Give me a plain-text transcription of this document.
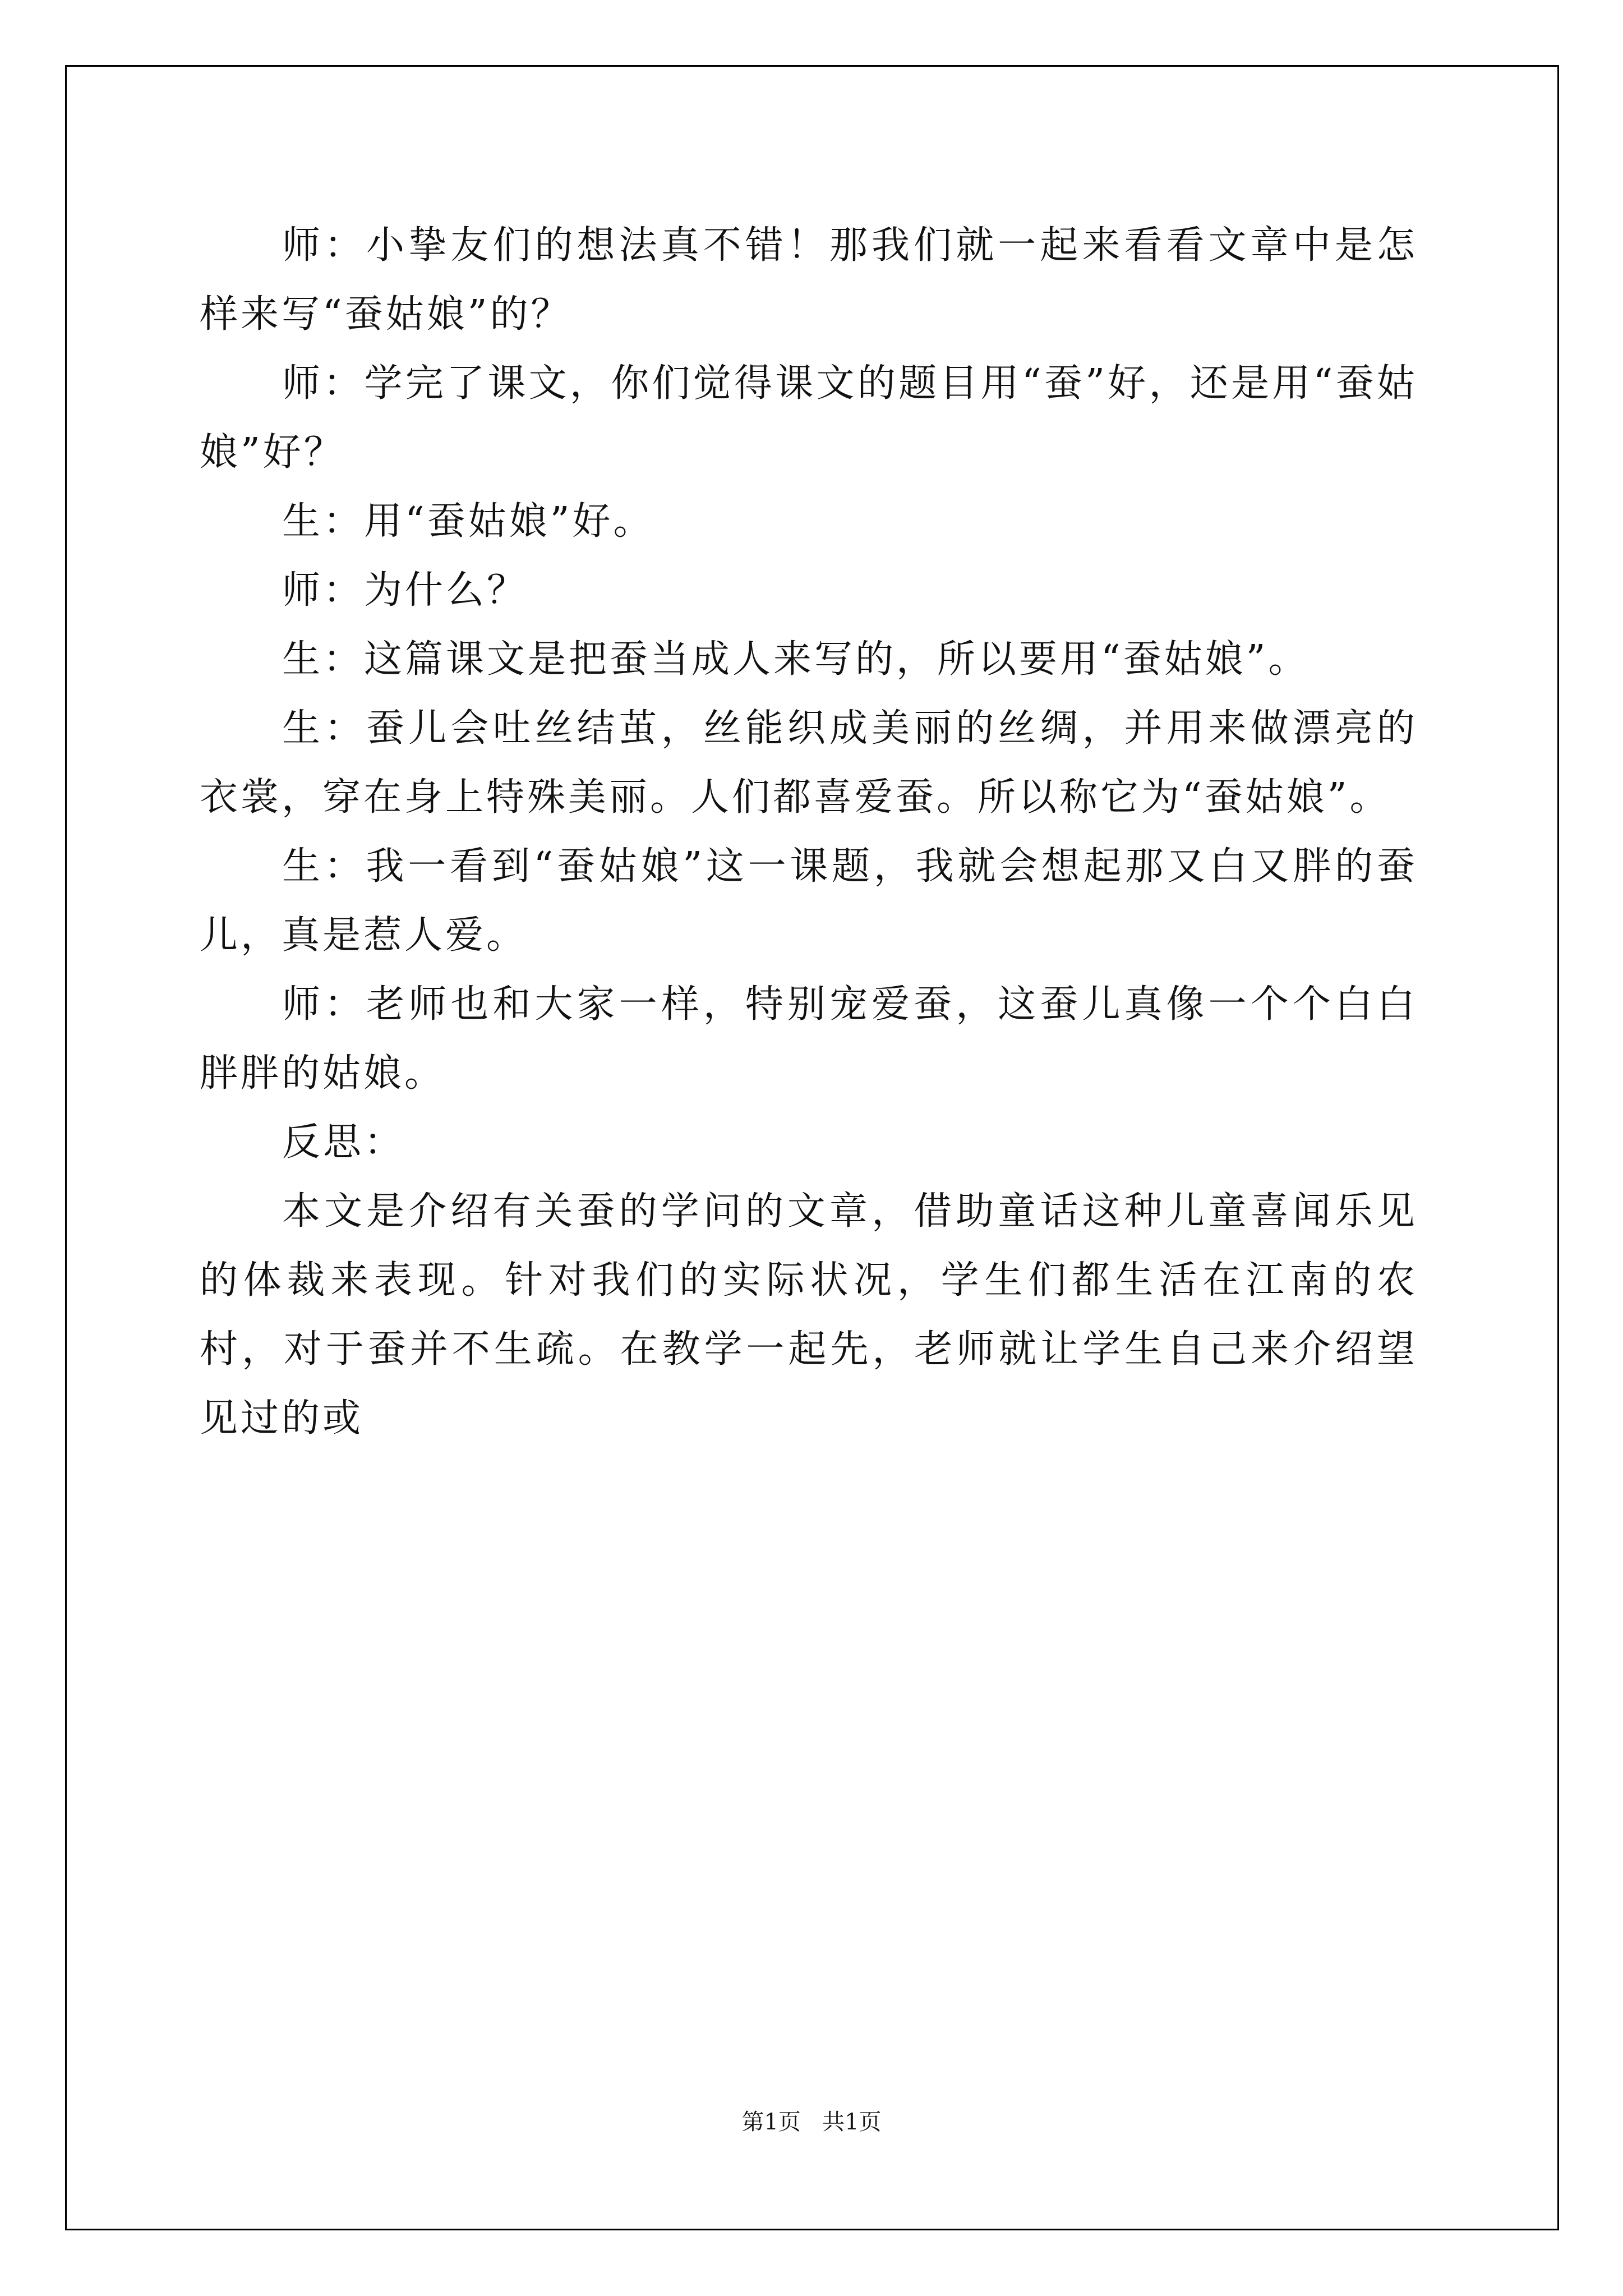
师：小挚友们的想法真不错！那我们就一起来看看文章中是怎样来写“蚕姑娘”的？

师：学完了课文，你们觉得课文的题目用“蚕”好，还是用“蚕姑娘”好？

生：用“蚕姑娘”好。

师：为什么？

生：这篇课文是把蚕当成人来写的，所以要用“蚕姑娘”。

生：蚕儿会吐丝结茧，丝能织成美丽的丝绸，并用来做漂亮的衣裳，穿在身上特殊美丽。人们都喜爱蚕。所以称它为“蚕姑娘”。

生：我一看到“蚕姑娘”这一课题，我就会想起那又白又胖的蚕儿，真是惹人爱。

师：老师也和大家一样，特别宠爱蚕，这蚕儿真像一个个白白胖胖的姑娘。

反思：

本文是介绍有关蚕的学问的文章，借助童话这种儿童喜闻乐见的体裁来表现。针对我们的实际状况，学生们都生活在江南的农村，对于蚕并不生疏。在教学一起先，老师就让学生自己来介绍望见过的或

第1页 共1页
